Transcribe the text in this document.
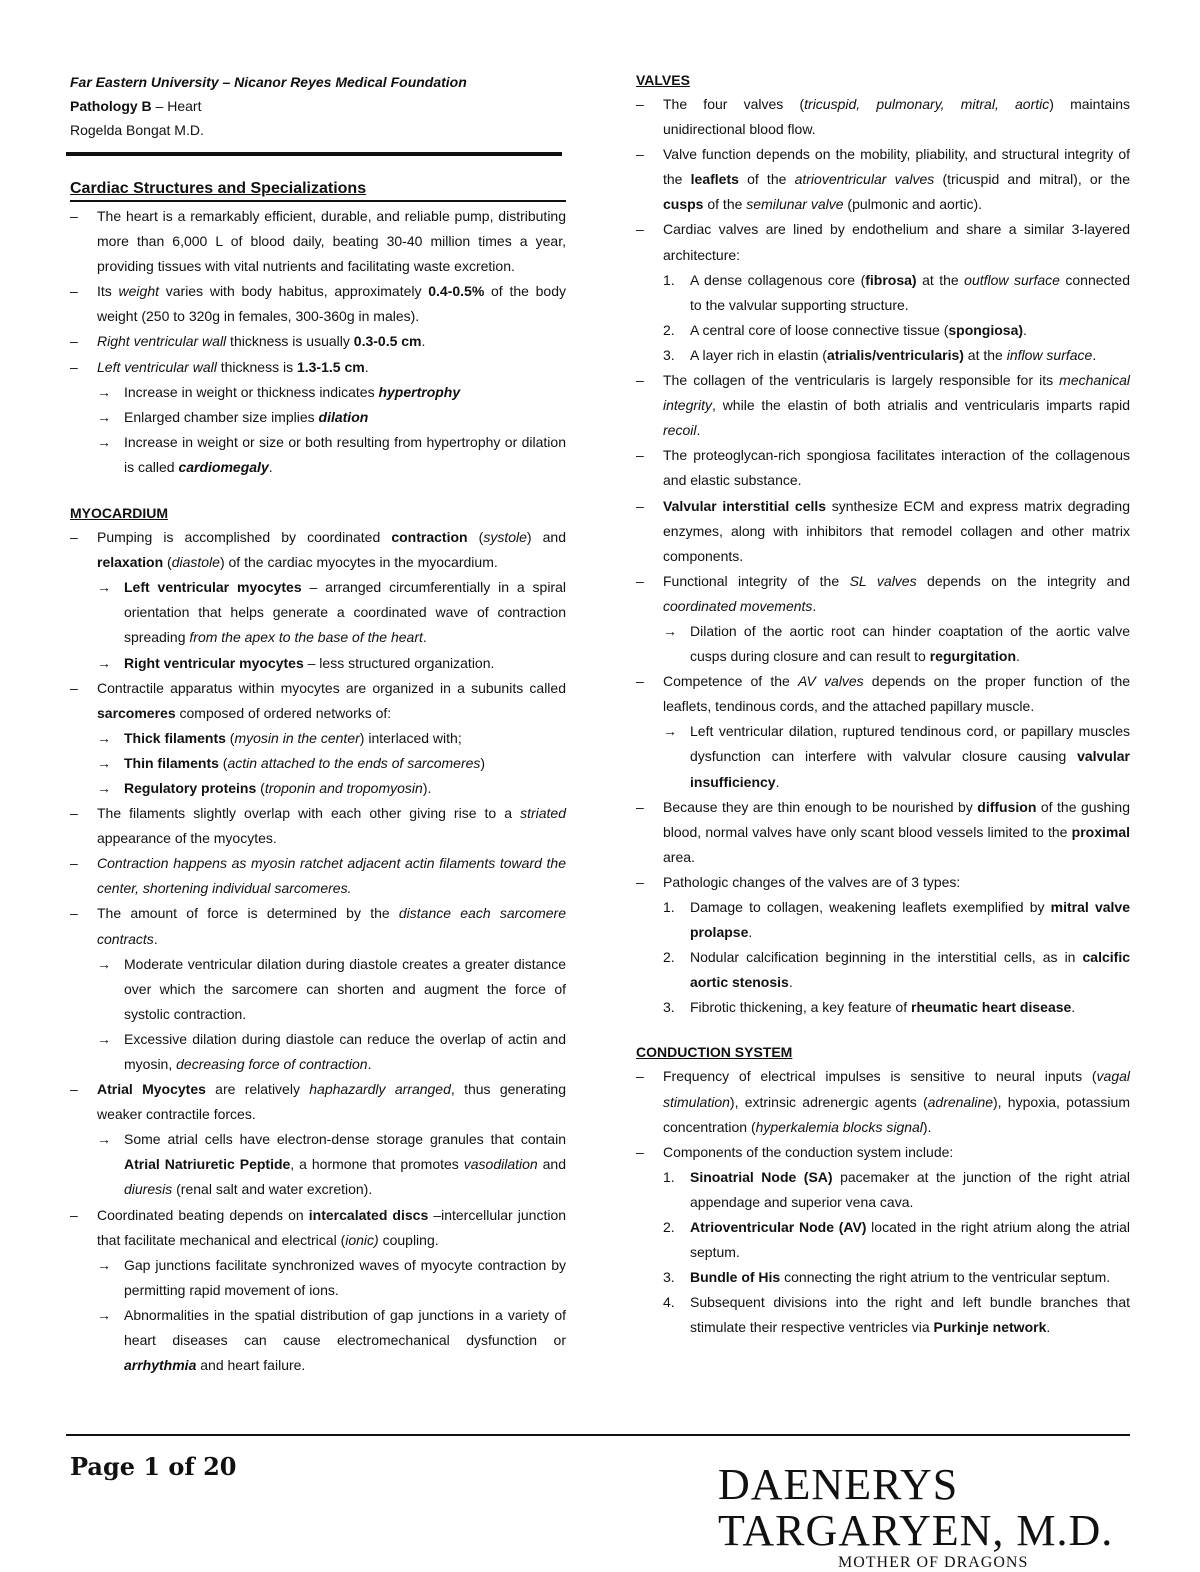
Far Eastern University – Nicanor Reyes Medical Foundation
Pathology B – Heart
Rogelda Bongat M.D.
Cardiac Structures and Specializations
– The heart is a remarkably efficient, durable, and reliable pump, distributing more than 6,000 L of blood daily, beating 30-40 million times a year, providing tissues with vital nutrients and facilitating waste excretion.
– Its weight varies with body habitus, approximately 0.4-0.5% of the body weight (250 to 320g in females, 300-360g in males).
– Right ventricular wall thickness is usually 0.3-0.5 cm.
– Left ventricular wall thickness is 1.3-1.5 cm.
→ Increase in weight or thickness indicates hypertrophy
→ Enlarged chamber size implies dilation
→ Increase in weight or size or both resulting from hypertrophy or dilation is called cardiomegaly.
MYOCARDIUM
– Pumping is accomplished by coordinated contraction (systole) and relaxation (diastole) of the cardiac myocytes in the myocardium.
→ Left ventricular myocytes – arranged circumferentially in a spiral orientation that helps generate a coordinated wave of contraction spreading from the apex to the base of the heart.
→ Right ventricular myocytes – less structured organization.
– Contractile apparatus within myocytes are organized in a subunits called sarcomeres composed of ordered networks of:
→ Thick filaments (myosin in the center) interlaced with;
→ Thin filaments (actin attached to the ends of sarcomeres)
→ Regulatory proteins (troponin and tropomyosin).
– The filaments slightly overlap with each other giving rise to a striated appearance of the myocytes.
– Contraction happens as myosin ratchet adjacent actin filaments toward the center, shortening individual sarcomeres.
– The amount of force is determined by the distance each sarcomere contracts.
→ Moderate ventricular dilation during diastole creates a greater distance over which the sarcomere can shorten and augment the force of systolic contraction.
→ Excessive dilation during diastole can reduce the overlap of actin and myosin, decreasing force of contraction.
– Atrial Myocytes are relatively haphazardly arranged, thus generating weaker contractile forces.
→ Some atrial cells have electron-dense storage granules that contain Atrial Natriuretic Peptide, a hormone that promotes vasodilation and diuresis (renal salt and water excretion).
– Coordinated beating depends on intercalated discs –intercellular junction that facilitate mechanical and electrical (ionic) coupling.
→ Gap junctions facilitate synchronized waves of myocyte contraction by permitting rapid movement of ions.
→ Abnormalities in the spatial distribution of gap junctions in a variety of heart diseases can cause electromechanical dysfunction or arrhythmia and heart failure.
VALVES
– The four valves (tricuspid, pulmonary, mitral, aortic) maintains unidirectional blood flow.
– Valve function depends on the mobility, pliability, and structural integrity of the leaflets of the atrioventricular valves (tricuspid and mitral), or the cusps of the semilunar valve (pulmonic and aortic).
– Cardiac valves are lined by endothelium and share a similar 3-layered architecture:
1. A dense collagenous core (fibrosa) at the outflow surface connected to the valvular supporting structure.
2. A central core of loose connective tissue (spongiosa).
3. A layer rich in elastin (atrialis/ventricularis) at the inflow surface.
– The collagen of the ventricularis is largely responsible for its mechanical integrity, while the elastin of both atrialis and ventricularis imparts rapid recoil.
– The proteoglycan-rich spongiosa facilitates interaction of the collagenous and elastic substance.
– Valvular interstitial cells synthesize ECM and express matrix degrading enzymes, along with inhibitors that remodel collagen and other matrix components.
– Functional integrity of the SL valves depends on the integrity and coordinated movements.
→ Dilation of the aortic root can hinder coaptation of the aortic valve cusps during closure and can result to regurgitation.
– Competence of the AV valves depends on the proper function of the leaflets, tendinous cords, and the attached papillary muscle.
→ Left ventricular dilation, ruptured tendinous cord, or papillary muscles dysfunction can interfere with valvular closure causing valvular insufficiency.
– Because they are thin enough to be nourished by diffusion of the gushing blood, normal valves have only scant blood vessels limited to the proximal area.
– Pathologic changes of the valves are of 3 types:
1. Damage to collagen, weakening leaflets exemplified by mitral valve prolapse.
2. Nodular calcification beginning in the interstitial cells, as in calcific aortic stenosis.
3. Fibrotic thickening, a key feature of rheumatic heart disease.
CONDUCTION SYSTEM
– Frequency of electrical impulses is sensitive to neural inputs (vagal stimulation), extrinsic adrenergic agents (adrenaline), hypoxia, potassium concentration (hyperkalemia blocks signal).
– Components of the conduction system include:
1. Sinoatrial Node (SA) pacemaker at the junction of the right atrial appendage and superior vena cava.
2. Atrioventricular Node (AV) located in the right atrium along the atrial septum.
3. Bundle of His connecting the right atrium to the ventricular septum.
4. Subsequent divisions into the right and left bundle branches that stimulate their respective ventricles via Purkinje network.
Page 1 of 20	DAENERYS TARGARYEN, M.D.
MOTHER OF DRAGONS
